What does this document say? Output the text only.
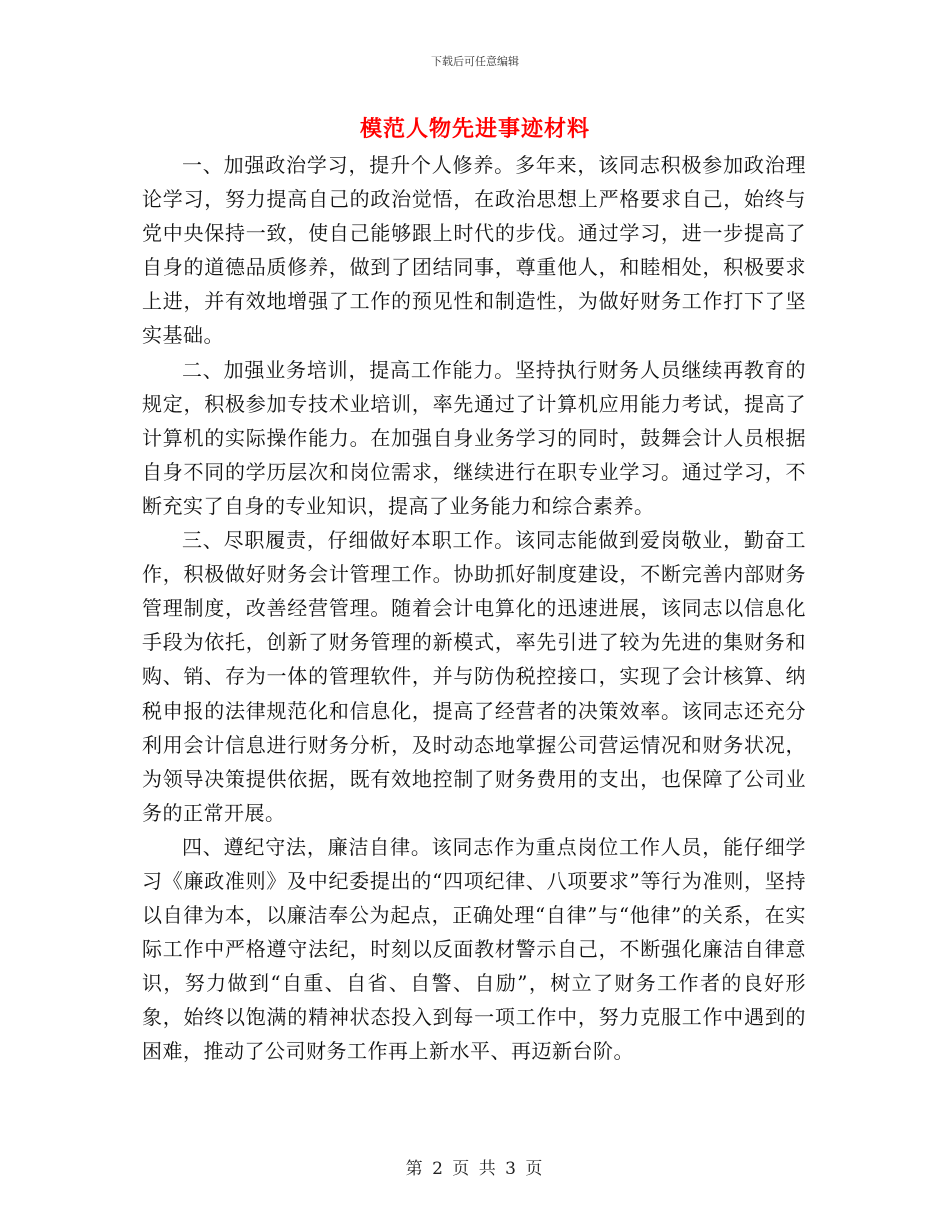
下载后可任意编辑
模范人物先进事迹材料

一、加强政治学习，提升个人修养。多年来，该同志积极参加政治理论学习，努力提高自己的政治觉悟，在政治思想上严格要求自己，始终与党中央保持一致，使自己能够跟上时代的步伐。通过学习，进一步提高了自身的道德品质修养，做到了团结同事，尊重他人，和睦相处，积极要求上进，并有效地增强了工作的预见性和制造性，为做好财务工作打下了坚实基础。

二、加强业务培训，提高工作能力。坚持执行财务人员继续再教育的规定，积极参加专技术业培训，率先通过了计算机应用能力考试，提高了计算机的实际操作能力。在加强自身业务学习的同时，鼓舞会计人员根据自身不同的学历层次和岗位需求，继续进行在职专业学习。通过学习，不断充实了自身的专业知识，提高了业务能力和综合素养。

三、尽职履责，仔细做好本职工作。该同志能做到爱岗敬业，勤奋工作，积极做好财务会计管理工作。协助抓好制度建设，不断完善内部财务管理制度，改善经营管理。随着会计电算化的迅速进展，该同志以信息化手段为依托，创新了财务管理的新模式，率先引进了较为先进的集财务和购、销、存为一体的管理软件，并与防伪税控接口，实现了会计核算、纳税申报的法律规范化和信息化，提高了经营者的决策效率。该同志还充分利用会计信息进行财务分析，及时动态地掌握公司营运情况和财务状况，为领导决策提供依据，既有效地控制了财务费用的支出，也保障了公司业务的正常开展。

四、遵纪守法，廉洁自律。该同志作为重点岗位工作人员，能仔细学习《廉政准则》及中纪委提出的“四项纪律、八项要求”等行为准则，坚持以自律为本，以廉洁奉公为起点，正确处理“自律”与“他律”的关系，在实际工作中严格遵守法纪，时刻以反面教材警示自己，不断强化廉洁自律意识，努力做到“自重、自省、自警、自励”，树立了财务工作者的良好形象，始终以饱满的精神状态投入到每一项工作中，努力克服工作中遇到的困难，推动了公司财务工作再上新水平、再迈新台阶。

第 2 页 共 3 页
